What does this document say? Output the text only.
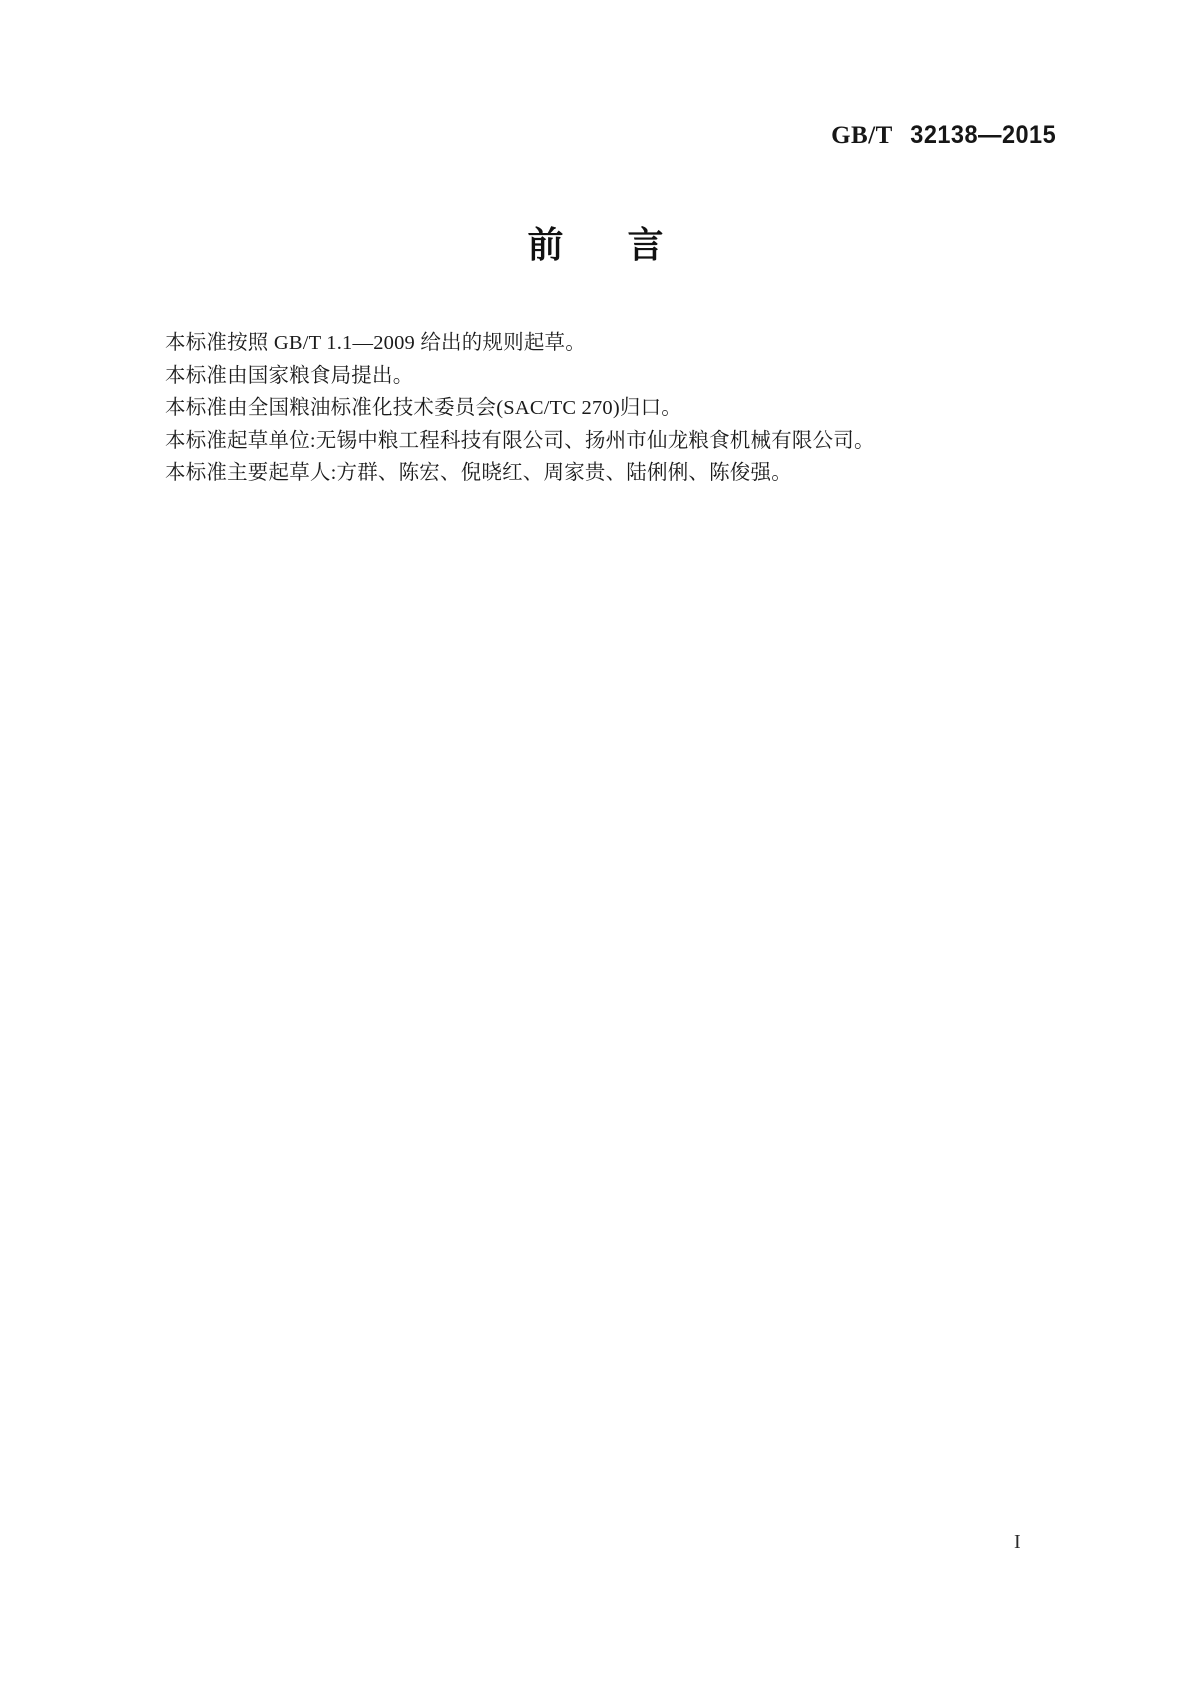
GB/T 32138—2015
前 言

本标准按照 GB/T 1.1—2009 给出的规则起草。

本标准由国家粮食局提出。

本标准由全国粮油标准化技术委员会(SAC/TC 270)归口。

本标准起草单位:无锡中粮工程科技有限公司、扬州市仙龙粮食机械有限公司。

本标准主要起草人:方群、陈宏、倪晓红、周家贵、陆俐俐、陈俊强。

I
